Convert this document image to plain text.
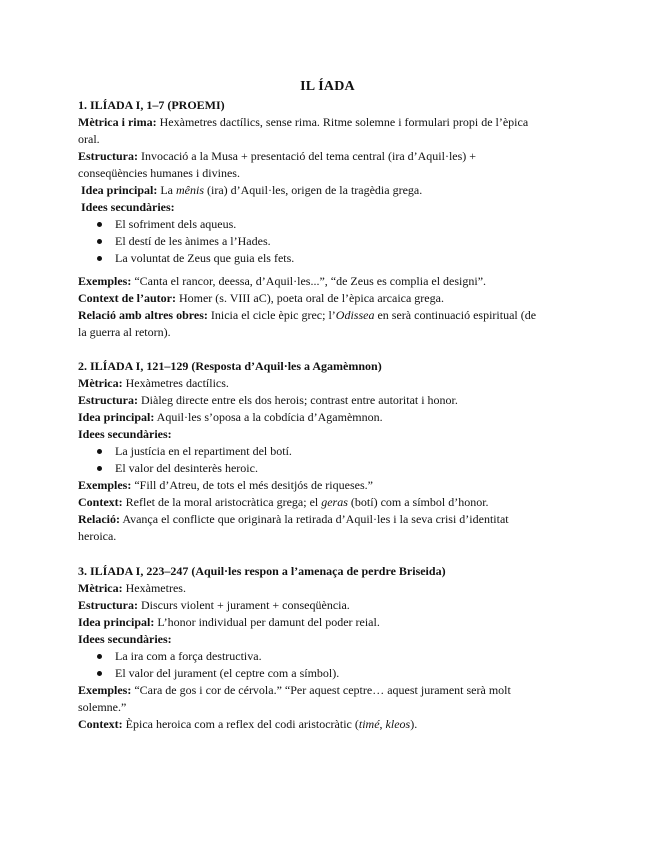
IL ÍADA
1. ILÍADA I, 1–7 (PROEMI)
Mètrica i rima: Hexàmetres dactílics, sense rima. Ritme solemne i formulari propi de l’èpica
oral.
Estructura: Invocació a la Musa + presentació del tema central (ira d’Aquil·les) +
conseqüències humanes i divines.
Idea principal: La mênis (ira) d’Aquil·les, origen de la tragèdia grega.
Idees secundàries:
El sofriment dels aqueus.
El destí de les ànimes a l’Hades.
La voluntat de Zeus que guia els fets.
Exemples: “Canta el rancor, deessa, d’Aquil·les...”, “de Zeus es complia el designi”.
Context de l’autor: Homer (s. VIII aC), poeta oral de l’èpica arcaica grega.
Relació amb altres obres: Inicia el cicle èpic grec; l’Odissea en serà continuació espiritual (de
la guerra al retorn).
2. ILÍADA I, 121–129 (Resposta d’Aquil·les a Agamèmnon)
Mètrica: Hexàmetres dactílics.
Estructura: Diàleg directe entre els dos herois; contrast entre autoritat i honor.
Idea principal: Aquil·les s’oposa a la cobdícia d’Agamèmnon.
Idees secundàries:
La justícia en el repartiment del botí.
El valor del desinterès heroic.
Exemples: “Fill d’Atreu, de tots el més desitjós de riqueses.”
Context: Reflet de la moral aristocràtica grega; el geras (botí) com a símbol d’honor.
Relació: Avança el conflicte que originarà la retirada d’Aquil·les i la seva crisi d’identitat
heroica.
3. ILÍADA I, 223–247 (Aquil·les respon a l’amenaça de perdre Briseida)
Mètrica: Hexàmetres.
Estructura: Discurs violent + jurament + conseqüència.
Idea principal: L’honor individual per damunt del poder reial.
Idees secundàries:
La ira com a força destructiva.
El valor del jurament (el ceptre com a símbol).
Exemples: “Cara de gos i cor de cérvola.” “Per aquest ceptre… aquest jurament serà molt
solemne.”
Context: Èpica heroica com a reflex del codi aristocràtic (timé, kleos).
